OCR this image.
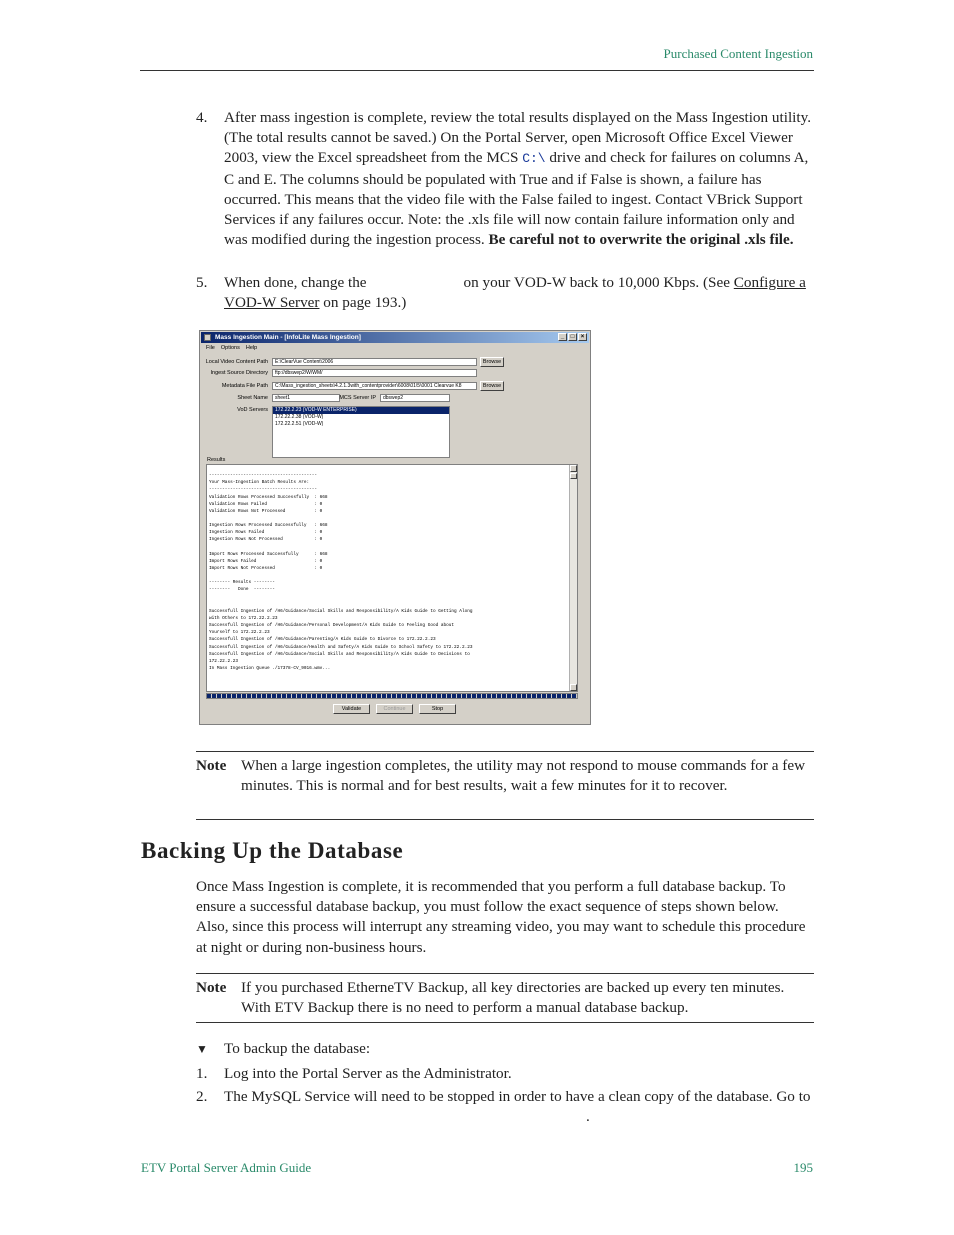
Purchased Content Ingestion
4.	After mass ingestion is complete, review the total results displayed on the Mass Ingestion utility. (The total results cannot be saved.) On the Portal Server, open Microsoft Office Excel Viewer 2003, view the Excel spreadsheet from the MCS C:\ drive and check for failures on columns A, C and E. The columns should be populated with True and if False is shown, a failure has occurred. This means that the video file with the False failed to ingest. Contact VBrick Support Services if any failures occur. Note: the .xls file will now contain failure information only and was modified during the ingestion process. Be careful not to overwrite the original .xls file.
5.	When done, change the	on your VOD-W back to 10,000 Kbps. (See Configure a VOD-W Server on page 193.)
Mass Ingestion Main - [InfoLite Mass Ingestion]	_	□	×
File Options Help
Local Video Content Path	E:\ClearVue Content\2006	Browse
Ingest Source Directory	ftp://dbswep2/W/WM/
Metadata File Path	C:\Mass_ingestion_sheets\4.2.1.3with_contentprovider\6008\01\5\0001 Clearvue K8	Browse
Sheet Name	sheet1	MCS Server IP	dbswep2
VoD Servers	172.22.2.23 (VOD-W ENTERPRISE)
172.22.2.38 (VOD-W)
172.22.2.51 (VOD-W)
Results
-----------------------------------------
Your Mass-Ingestion Batch Results Are:
-----------------------------------------
Validation Rows Processed Successfully  : 668
Validation Rows Failed                  : 0
Validation Rows Not Processed           : 0
Ingestion Rows Processed Successfully   : 668
Ingestion Rows Failed                   : 0
Ingestion Rows Not Processed            : 0
Import Rows Processed Successfully      : 668
Import Rows Failed                      : 0
Import Rows Not Processed               : 0
-------- Results --------
--------   Done  --------
Successfull Ingestion of /H6/Guidance/Social Skills and Responsibility/A Kids Guide to Getting Along
with Others to 172.22.2.23
Successfull Ingestion of /H6/Guidance/Personal Development/A Kids Guide to Feeling Good about
Yourself to 172.22.2.23
Successfull Ingestion of /H6/Guidance/Parenting/A Kids Guide to Divorce to 172.22.2.23
Successfull Ingestion of /H6/Guidance/Health and Safety/A Kids Guide to School Safety to 172.22.2.23
Successfull Ingestion of /H6/Guidance/Social Skills and Responsibility/A Kids Guide to Decisions to
172.22.2.23
In Mass Ingestion Queue ./17378-CV_9016.wmv...
Validate	Continue	Stop
Note When a large ingestion completes, the utility may not respond to mouse commands for a few minutes. This is normal and for best results, wait a few minutes for it to recover.
Backing Up the Database
Once Mass Ingestion is complete, it is recommended that you perform a full database backup. To ensure a successful database backup, you must follow the exact sequence of steps shown below. Also, since this process will interrupt any streaming video, you may want to schedule this procedure at night or during non-business hours.
Note If you purchased EtherneTV Backup, all key directories are backed up every ten minutes. With ETV Backup there is no need to perform a manual database backup.
▼	To backup the database:
1.	Log into the Portal Server as the Administrator.
2.	The MySQL Service will need to be stopped in order to have a clean copy of the database. Go to.
ETV Portal Server Admin Guide	195
